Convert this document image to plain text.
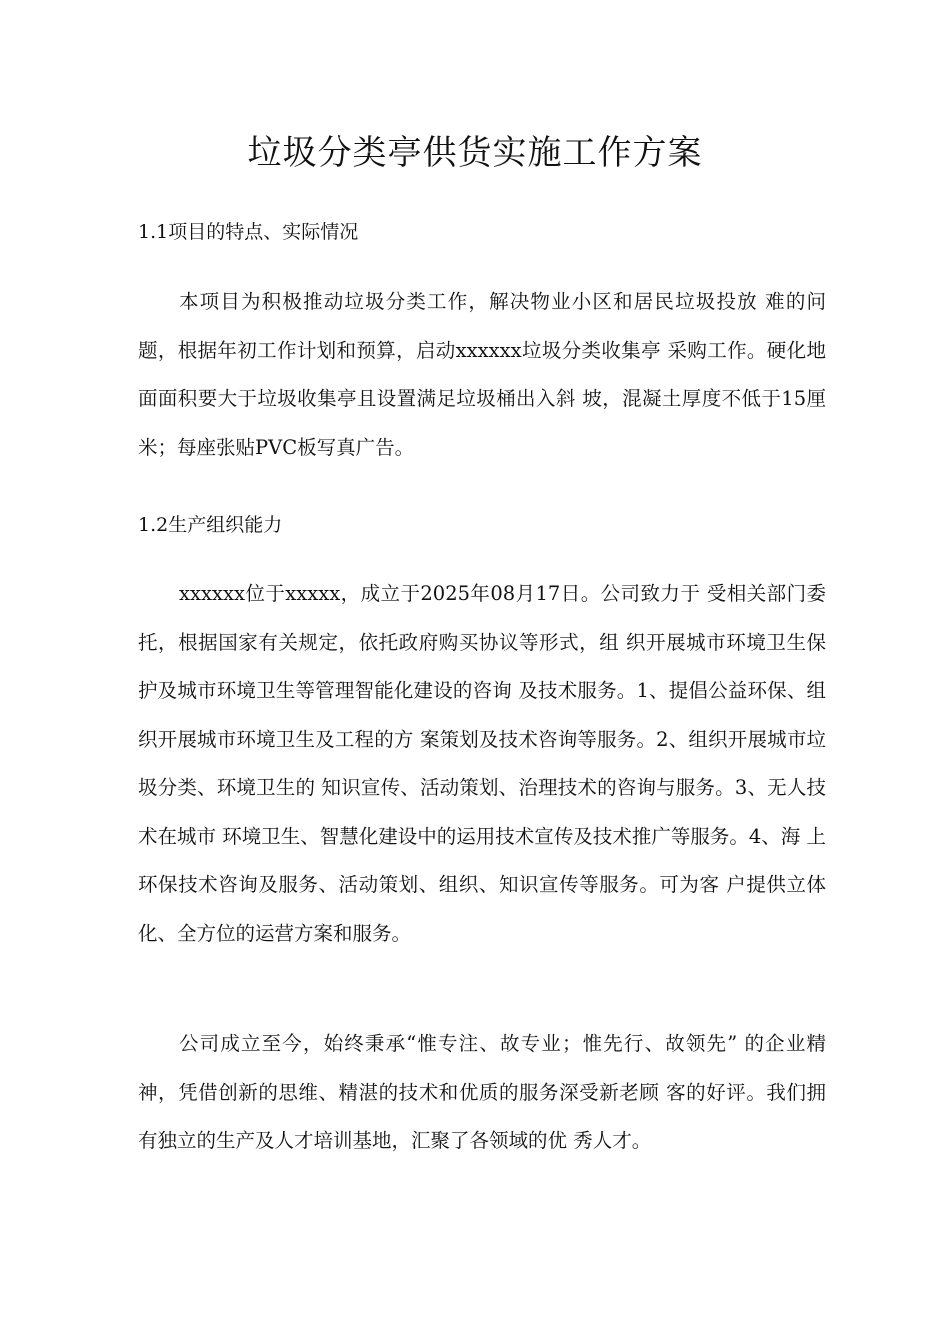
垃圾分类亭供货实施工作方案
1.1项目的特点、实际情况

本项目为积极推动垃圾分类工作，解决物业小区和居民垃圾投放 难的问题，根据年初工作计划和预算，启动xxxxxx垃圾分类收集亭 采购工作。硬化地面面积要大于垃圾收集亭且设置满足垃圾桶出入斜 坡，混凝土厚度不低于15厘米；每座张贴PVC板写真广告。

1.2生产组织能力

xxxxxx位于xxxxx，成立于2025年08月17日。公司致力于 受相关部门委托，根据国家有关规定，依托政府购买协议等形式，组 织开展城市环境卫生保护及城市环境卫生等管理智能化建设的咨询 及技术服务。1、提倡公益环保、组织开展城市环境卫生及工程的方 案策划及技术咨询等服务。2、组织开展城市垃圾分类、环境卫生的 知识宣传、活动策划、治理技术的咨询与服务。3、无人技术在城市 环境卫生、智慧化建设中的运用技术宣传及技术推广等服务。4、海 上环保技术咨询及服务、活动策划、组织、知识宣传等服务。可为客 户提供立体化、全方位的运营方案和服务。

公司成立至今，始终秉承“惟专注、故专业；惟先行、故领先” 的企业精神，凭借创新的思维、精湛的技术和优质的服务深受新老顾 客的好评。我们拥有独立的生产及人才培训基地，汇聚了各领域的优 秀人才。
